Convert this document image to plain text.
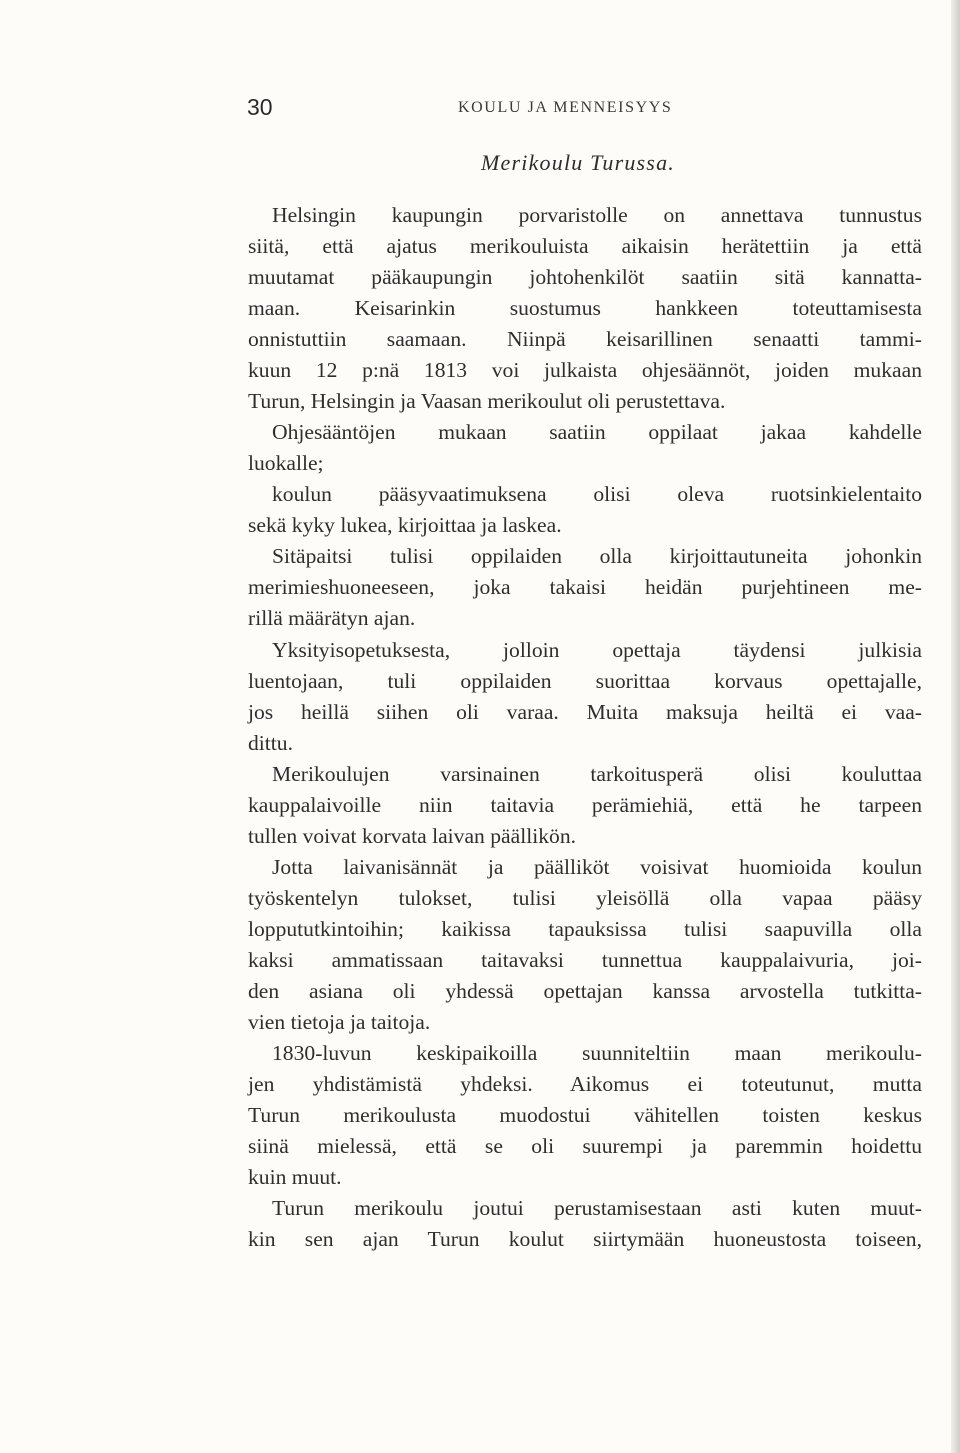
30	KOULU JA MENNEISYYS
Merikoulu Turussa.
Helsingin kaupungin porvaristolle on annettava tunnustus
siitä, että ajatus merikouluista aikaisin herätettiin ja että
muutamat pääkaupungin johtohenkilöt saatiin sitä kannatta-
maan. Keisarinkin suostumus hankkeen toteuttamisesta
onnistuttiin saamaan. Niinpä keisarillinen senaatti tammi-
kuun 12 p:nä 1813 voi julkaista ohjesäännöt, joiden mukaan
Turun, Helsingin ja Vaasan merikoulut oli perustettava.
Ohjesääntöjen mukaan saatiin oppilaat jakaa kahdelle
luokalle;
koulun pääsyvaatimuksena olisi oleva ruotsinkielentaito
sekä kyky lukea, kirjoittaa ja laskea.
Sitäpaitsi tulisi oppilaiden olla kirjoittautuneita johonkin
merimieshuoneeseen, joka takaisi heidän purjehtineen me-
rillä määrätyn ajan.
Yksityisopetuksesta, jolloin opettaja täydensi julkisia
luentojaan, tuli oppilaiden suorittaa korvaus opettajalle,
jos heillä siihen oli varaa. Muita maksuja heiltä ei vaa-
dittu.
Merikoulujen varsinainen tarkoitusperä olisi kouluttaa
kauppalaivoille niin taitavia perämiehiä, että he tarpeen
tullen voivat korvata laivan päällikön.
Jotta laivanisännät ja päälliköt voisivat huomioida koulun
työskentelyn tulokset, tulisi yleisöllä olla vapaa pääsy
loppututkintoihin; kaikissa tapauksissa tulisi saapuvilla olla
kaksi ammatissaan taitavaksi tunnettua kauppalaivuria, joi-
den asiana oli yhdessä opettajan kanssa arvostella tutkitta-
vien tietoja ja taitoja.
1830-luvun keskipaikoilla suunniteltiin maan merikoulu-
jen yhdistämistä yhdeksi. Aikomus ei toteutunut, mutta
Turun merikoulusta muodostui vähitellen toisten keskus
siinä mielessä, että se oli suurempi ja paremmin hoidettu
kuin muut.
Turun merikoulu joutui perustamisestaan asti kuten muut-
kin sen ajan Turun koulut siirtymään huoneustosta toiseen,
